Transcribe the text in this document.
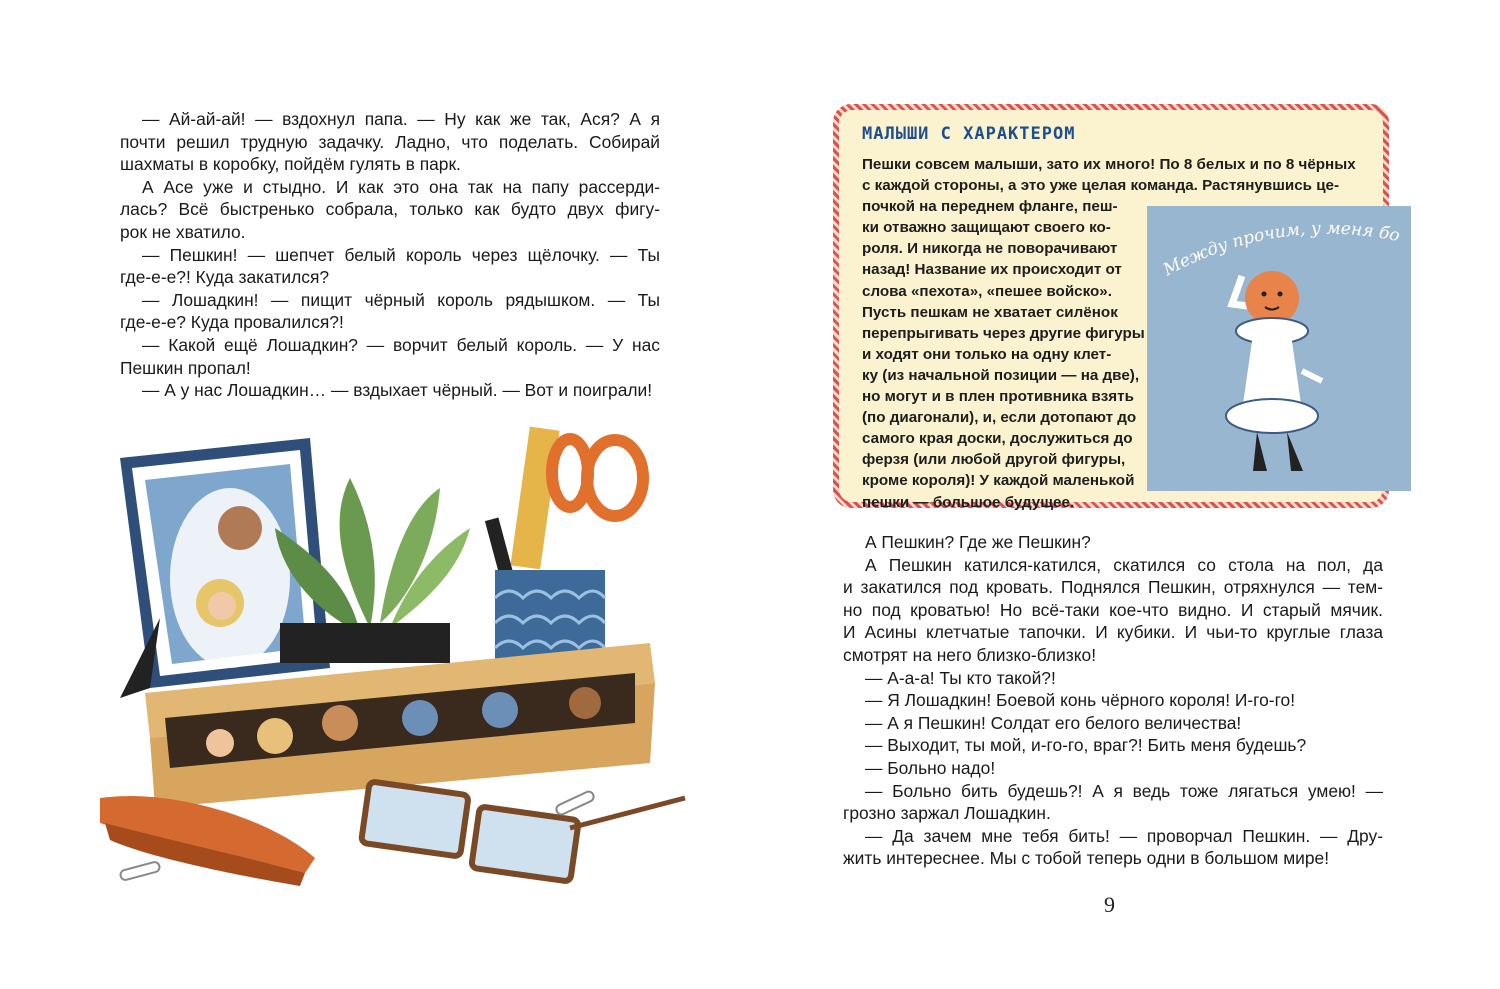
— Ай-ай-ай! — вздохнул папа. — Ну как же так, Ася? А я
почти решил трудную задачку. Ладно, что поделать. Собирай
шахматы в коробку, пойдём гулять в парк.
А Асе уже и стыдно. И как это она так на папу рассерди-
лась? Всё быстренько собрала, только как будто двух фигу-
рок не хватило.
— Пешкин! — шепчет белый король через щёлочку. — Ты
где-е-е?! Куда закатился?
— Лошадкин! — пищит чёрный король рядышком. — Ты
где-е-е? Куда провалился?!
— Какой ещё Лошадкин? — ворчит белый король. — У нас
Пешкин пропал!
— А у нас Лошадкин… — вздыхает чёрный. — Вот и поиграли!
МАЛЫШИ С ХАРАКТЕРОМ
Пешки совсем малыши, зато их много! По 8 белых и по 8 чёрных
с каждой стороны, а это уже целая команда. Растянувшись це-
почкой на переднем фланге, пеш-
ки отважно защищают своего ко-
роля. И никогда не поворачивают
назад! Название их происходит от
слова «пехота», «пешее войско».
Пусть пешкам не хватает силёнок
перепрыгивать через другие фигуры
и ходят они только на одну клет-
ку (из начальной позиции — на две),
но могут и в плен противника взять
(по диагонали), и, если дотопают до
самого края доски, дослужиться до
ферзя (или любой другой фигуры,
кроме короля)! У каждой маленькой
пешки — большое будущее.
Между прочим, у меня бо
А Пешкин? Где же Пешкин?
А Пешкин катился-катился, скатился со стола на пол, да
и закатился под кровать. Поднялся Пешкин, отряхнулся — тем-
но под кроватью! Но всё-таки кое-что видно. И старый мячик.
И Асины клетчатые тапочки. И кубики. И чьи-то круглые глаза
смотрят на него близко-близко!
— А-а-а! Ты кто такой?!
— Я Лошадкин! Боевой конь чёрного короля! И-го-го!
— А я Пешкин! Солдат его белого величества!
— Выходит, ты мой, и-го-го, враг?! Бить меня будешь?
— Больно надо!
— Больно бить будешь?! А я ведь тоже лягаться умею! —
грозно заржал Лошадкин.
— Да зачем мне тебя бить! — проворчал Пешкин. — Дру-
жить интереснее. Мы с тобой теперь одни в большом мире!
9
